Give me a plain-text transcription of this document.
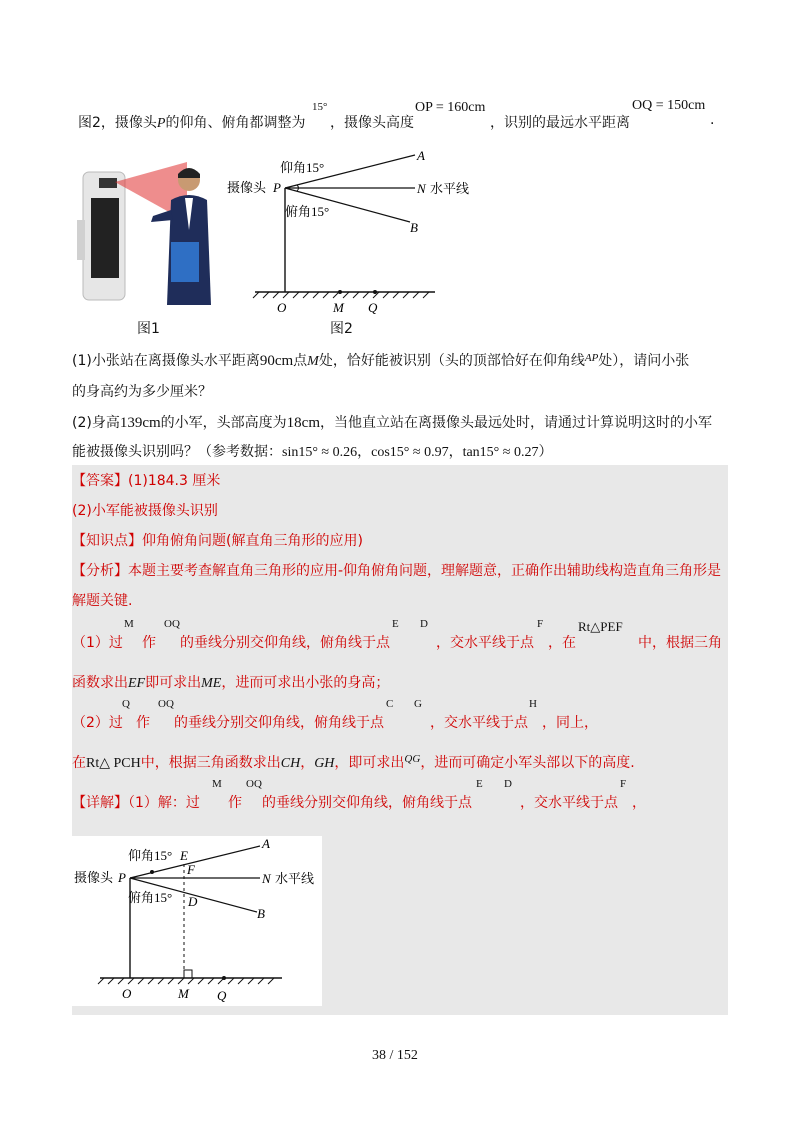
图2，摄像头P的仰角、俯角都调整为
15°
，摄像头高度
OP = 160cm
，识别的最远水平距离
OQ = 150cm
.
图1
仰角15°
摄像头 P
俯角15°
A
N 水平线
B
O	M Q
图2
(1)小张站在离摄像头水平距离90cm点M处，恰好能被识别（头的顶部恰好在仰角线$^{AP}$处），请问小张
的身高约为多少厘米？
(2)身高139cm的小军，头部高度为18cm，当他直立站在离摄像头最远处时，请通过计算说明这时的小军
能被摄像头识别吗？（参考数据：sin15° ≈ 0.26，cos15° ≈ 0.97，tan15° ≈ 0.27）
【答案】(1)184.3 厘米
(2)小军能被摄像头识别
【知识点】仰角俯角问题(解直角三角形的应用)
【分析】本题主要考查解直角三角形的应用-仰角俯角问题，理解题意，正确作出辅助线构造直角三角形是
解题关键.
（1）过
M
作
OQ
的垂线分别交仰角线，俯角线于点
E D
，交水平线于点
F
，在
Rt△PEF
中，根据三角
函数求出EF即可求出ME，进而可求出小张的身高；
（2）过
Q
作
OQ
的垂线分别交仰角线，俯角线于点
C G
，交水平线于点
H
，同上，
在Rt△ PCH中，根据三角函数求出CH，GH，即可求出$^{QG}$，进而可确定小军头部以下的高度.
【详解】（1）解：过
M
作
OQ
的垂线分别交仰角线，俯角线于点
E D
，交水平线于点
F
，
仰角15° E
A
F
摄像头 P	N 水平线
俯角15° D
B
O	M Q
38 / 152
